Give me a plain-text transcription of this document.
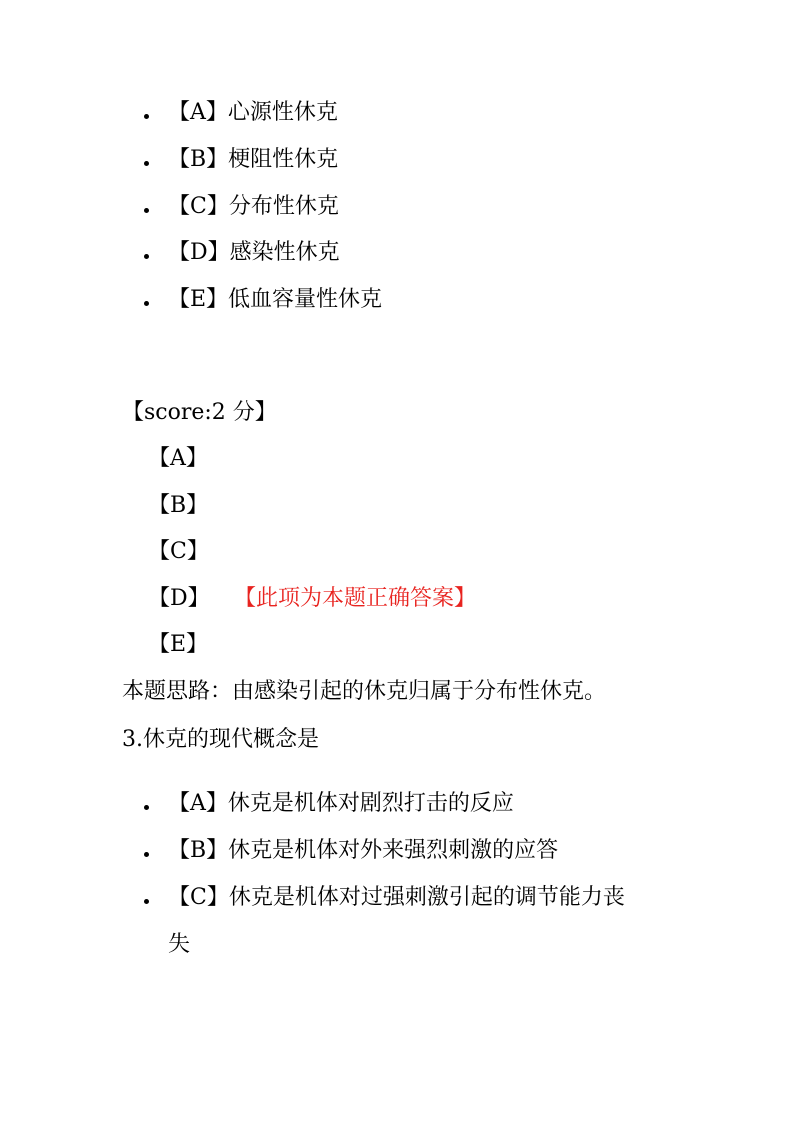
【A】心源性休克
【B】梗阻性休克
【C】分布性休克
【D】感染性休克
【E】低血容量性休克
【score:2 分】
【A】
【B】
【C】
【D】
【E】
【此项为本题正确答案】
本题思路：由感染引起的休克归属于分布性休克。
3.休克的现代概念是
【A】休克是机体对剧烈打击的反应
【B】休克是机体对外来强烈刺激的应答
【C】休克是机体对过强刺激引起的调节能力丧
失
